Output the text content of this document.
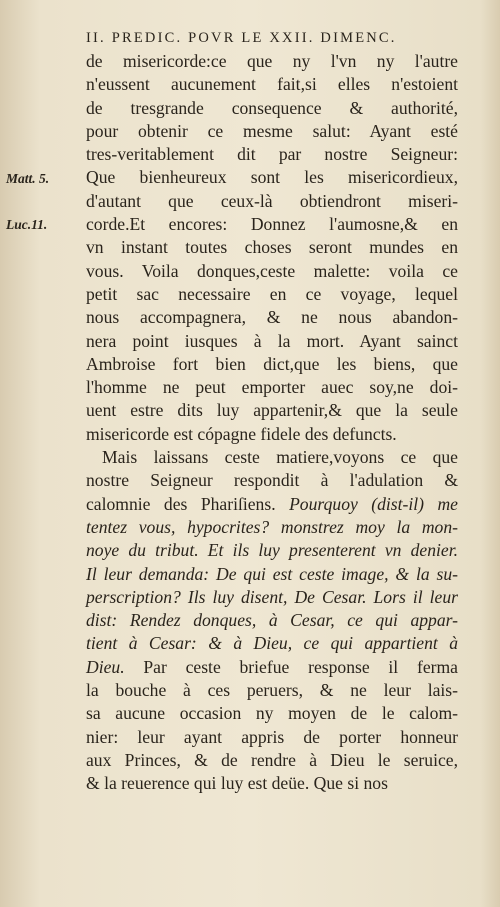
II. PREDIC. POVR LE XXII. DIMENC.
Matt. 5.
Luc.11.
de misericorde:ce que ny l'vn ny l'autre
n'eussent aucunement fait,si elles n'estoient
de tresgrande consequence & authorité,
pour obtenir ce mesme salut: Ayant esté
tres-veritablement dit par nostre Seigneur:
Que bienheureux sont les misericordieux,
d'autant que ceux-là obtiendront miseri-
corde.Et encores: Donnez l'aumosne,& en
vn instant toutes choses seront mundes en
vous. Voila donques,ceste malette: voila ce
petit sac necessaire en ce voyage, lequel
nous accompagnera, & ne nous abandon-
nera point iusques à la mort. Ayant sainct
Ambroise fort bien dict,que les biens, que
l'homme ne peut emporter auec soy,ne doi-
uent estre dits luy appartenir,& que la seule
misericorde est cópagne fidele des defuncts.
Mais laissans ceste matiere,voyons ce que
nostre Seigneur respondit à l'adulation &
calomnie des Phariſiens. Pourquoy (dist-il) me
tentez vous, hypocrites? monstrez moy la mon-
noye du tribut. Et ils luy presenterent vn denier.
Il leur demanda: De qui est ceste image, & la su-
perscription? Ils luy disent, De Cesar. Lors il leur
dist: Rendez donques, à Cesar, ce qui appar-
tient à Cesar: & à Dieu, ce qui appartient à
Dieu. Par ceste briefue response il ferma
la bouche à ces peruers, & ne leur lais-
sa aucune occasion ny moyen de le calom-
nier: leur ayant appris de porter honneur
aux Princes, & de rendre à Dieu le seruice,
& la reuerence qui luy est deüe. Que si nos
